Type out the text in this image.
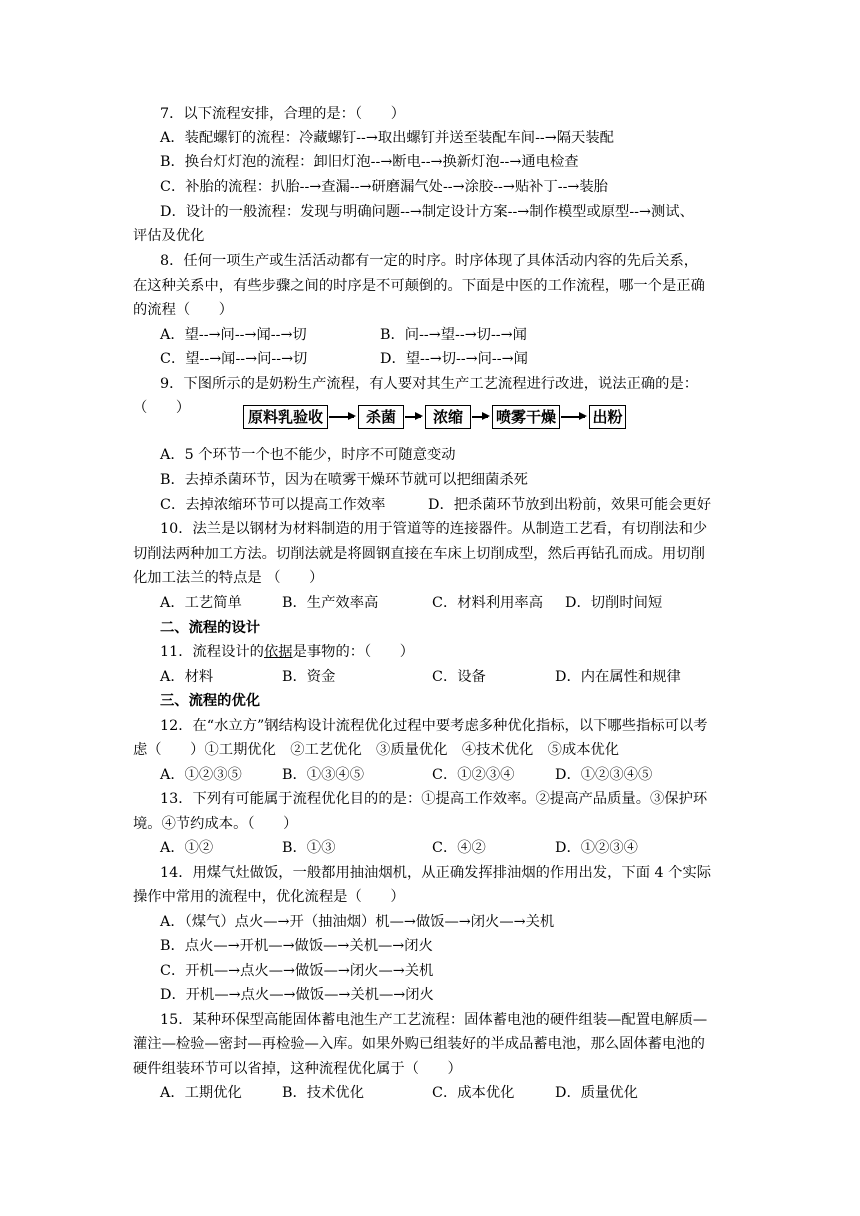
7．以下流程安排，合理的是：（　　）
A．装配螺钉的流程：冷藏螺钉--→取出螺钉并送至装配车间--→隔天装配
B．换台灯灯泡的流程：卸旧灯泡--→断电--→换新灯泡--→通电检查
C．补胎的流程：扒胎--→查漏--→研磨漏气处--→涂胶--→贴补丁--→装胎
D．设计的一般流程：发现与明确问题--→制定设计方案--→制作模型或原型--→测试、
评估及优化
8．任何一项生产或生活活动都有一定的时序。时序体现了具体活动内容的先后关系，
在这种关系中，有些步骤之间的时序是不可颠倒的。下面是中医的工作流程，哪一个是正确
的流程（　　）
A．望--→问--→闻--→切	B．问--→望--→切--→闻
C．望--→闻--→问--→切	D．望--→切--→问--→闻
9．下图所示的是奶粉生产流程，有人要对其生产工艺流程进行改进，说法正确的是：
（　　）	原料乳验收	杀菌	浓缩	喷雾干燥 出粉
A．5 个环节一个也不能少，时序不可随意变动
B．去掉杀菌环节，因为在喷雾干燥环节就可以把细菌杀死
C．去掉浓缩环节可以提高工作效率	D．把杀菌环节放到出粉前，效果可能会更好
10．法兰是以钢材为材料制造的用于管道等的连接器件。从制造工艺看，有切削法和少
切削法两种加工方法。切削法就是将圆钢直接在车床上切削成型，然后再钻孔而成。用切削
化加工法兰的特点是 （　　）
A．工艺简单	B．生产效率高	C．材料利用率高 D．切削时间短
二、流程的设计
11．流程设计的依据是事物的：（　　）
A．材料	B．资金	C．设备	D．内在属性和规律
三、流程的优化
12．在“水立方”钢结构设计流程优化过程中要考虑多种优化指标，以下哪些指标可以考
虑（　　）①工期优化　②工艺优化　③质量优化　④技术优化　⑤成本优化
A．①②③⑤	B．①③④⑤	C．①②③④	D．①②③④⑤
13．下列有可能属于流程优化目的的是：①提高工作效率。②提高产品质量。③保护环
境。④节约成本。（　　）
A．①②	B．①③	C．④②	D．①②③④
14．用煤气灶做饭，一般都用抽油烟机，从正确发挥排油烟的作用出发，下面 4 个实际
操作中常用的流程中，优化流程是（　　）
A．（煤气）点火—→开（抽油烟）机—→做饭—→闭火—→关机
B．点火—→开机—→做饭—→关机—→闭火
C．开机—→点火—→做饭—→闭火—→关机
D．开机—→点火—→做饭—→关机—→闭火
15．某种环保型高能固体蓄电池生产工艺流程：固体蓄电池的硬件组装—配置电解质—
灌注—检验—密封—再检验—入库。如果外购已组装好的半成品蓄电池，那么固体蓄电池的
硬件组装环节可以省掉，这种流程优化属于（　　）
A．工期优化	B．技术优化	C．成本优化	D．质量优化
